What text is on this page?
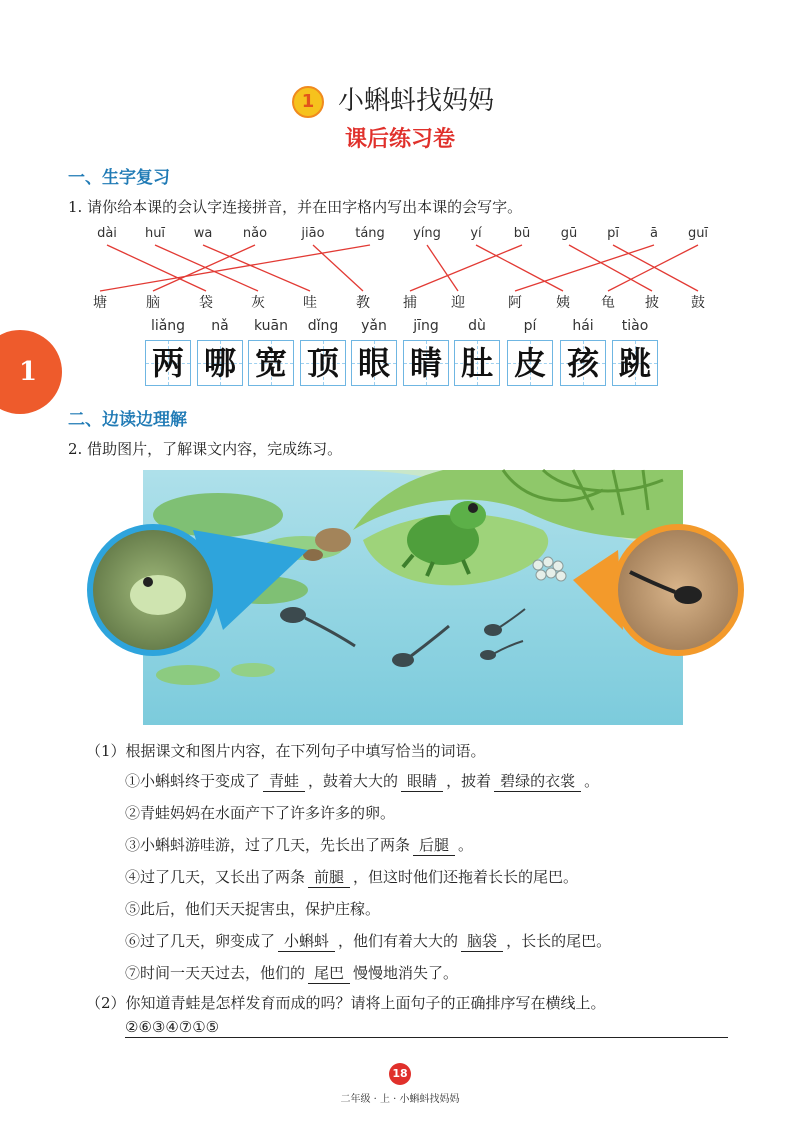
1 小蝌蚪找妈妈
课后练习卷
1
一、生字复习
1. 请你给本课的会认字连接拼音，并在田字格内写出本课的会写字。
dài huī wa nǎo	jiāo táng yíng yí bū gū pī ā guī
塘	脑	袋	灰	哇	教 捕 迎	阿 姨 龟 披 鼓
liǎng nǎ kuān dǐng yǎn jīng dù	pí	hái tiào
两 哪 宽 顶 眼 睛 肚 皮 孩 跳
二、边读边理解
2. 借助图片，了解课文内容，完成练习。
（1）根据课文和图片内容，在下列句子中填写恰当的词语。
①小蝌蚪终于变成了 青蛙 ，鼓着大大的 眼睛 ，披着 碧绿的衣裳 。
②青蛙妈妈在水面产下了许多许多的卵。
③小蝌蚪游哇游，过了几天，先长出了两条 后腿 。
④过了几天，又长出了两条 前腿 ，但这时他们还拖着长长的尾巴。
⑤此后，他们天天捉害虫，保护庄稼。
⑥过了几天，卵变成了 小蝌蚪 ，他们有着大大的 脑袋 ，长长的尾巴。
⑦时间一天天过去，他们的 尾巴 慢慢地消失了。
（2）你知道青蛙是怎样发育而成的吗？请将上面句子的正确排序写在横线上。
②⑥③④⑦①⑤
18
二年级 · 上 · 小蝌蚪找妈妈
